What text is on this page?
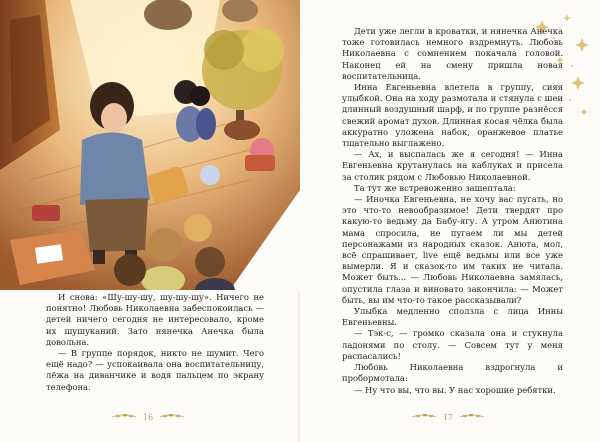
И снова: «Шу-шу-шу, шу-шу-шу». Ничего не понятно! Любовь Николаевна забеспокоилась — детей ничего сегодня не интересовало, кроме их шушуканий. Зато нянечка Анечка была довольна.

— В группе порядок, никто не шумит. Чего ещё надо? — успокаивала она воспитательницу, лёжа на диванчике и водя пальцем по экрану телефона.

16

Дети уже легли в кроватки, и нянечка Анечка тоже готовилась немного вздремнуть. Любовь Николаевна с сомнением покачала головой. Наконец ей на смену пришла новая воспитательница.

Инна Евгеньевна влетела в группу, сияя улыбкой. Она на ходу размотала и стянула с шеи длинный воздушный шарф, и по группе разнёсся свежий аромат духов. Длинная косая чёлка была аккуратно уложена набок, оранжевое платье тщательно выглажено.

— Ах, и выспалась же я сегодня! — Инна Евгеньевна крутанулась на каблуках и присела за столик рядом с Любовью Николаевной.

Та тут же встревоженно зашептала:

— Иночка Евгеньевна, не хочу вас пугать, но это что-то невообразимое! Дети твердят про какую-то ведьму да Бабу-ягу. А утром Анютина мама спросила, не пугаем ли мы детей персонажами из народных сказок. Анюта, мол, всё спрашивает, live ещё ведьмы или все уже вымерли. Я и сказок-то им таких не читала. Может быть... — Любовь Николаевна замялась, опустила глаза и виновато закончила: — Может быть, вы им что-то такое рассказывали?

Улыбка медленно сползла с лица Инны Евгеньевны.

— Тэк-с, — громко сказала она и стукнула ладонями по столу. — Совсем тут у меня распасались!

Любовь Николаевна вздрогнула и пробормотала:

— Ну что вы, что вы. У нас хорошие ребятки.

17
